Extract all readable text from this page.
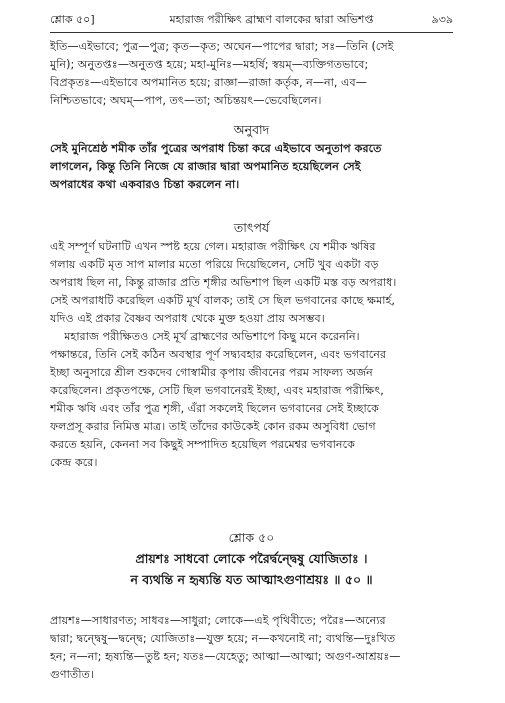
শ্লোক ৫০]	মহারাজ পরীক্ষিৎ ব্রাহ্মণ বালকের দ্বারা অভিশপ্ত	৯৩৯
ইতি—এইভাবে; পুত্র—পুত্র; কৃত—কৃত; অঘেন—পাপের দ্বারা; সঃ—তিনি (সেই
মুনি); অনুতপ্তঃ—অনুতপ্ত হয়ে; মহা-মুনিঃ—মহর্ষি; স্বয়ম্—ব্যক্তিগতভাবে;
বিপ্রকৃতঃ—এইভাবে অপমানিত হয়ে; রাজ্ঞা—রাজা কর্তৃক, ন—না, এব—
নিশ্চিতভাবে; অঘম্—পাপ, তৎ—তা; অচিন্তয়ৎ—ভেবেছিলেন।
অনুবাদ
সেই মুনিশ্রেষ্ঠ শমীক তাঁর পুত্রের অপরাধ চিন্তা করে এইভাবে অনুতাপ করতে
লাগলেন, কিন্তু তিনি নিজে যে রাজার দ্বারা অপমানিত হয়েছিলেন সেই
অপরাধের কথা একবারও চিন্তা করলেন না।
তাৎপর্য
এই সম্পূর্ণ ঘটনাটি এখন স্পষ্ট হয়ে গেল। মহারাজ পরীক্ষিৎ যে শমীক ঋষির
গলায় একটি মৃত সাপ মালার মতো পরিয়ে দিয়েছিলেন, সেটি খুব একটা বড়
অপরাধ ছিল না, কিন্তু রাজার প্রতি শৃঙ্গীর অভিশাপ ছিল একটি মস্ত বড় অপরাধ।
সেই অপরাধটি করেছিল একটি মূর্খ বালক; তাই সে ছিল ভগবানের কাছে ক্ষমার্হ,
যদিও এই প্রকার বৈষ্ণব অপরাধ থেকে মুক্ত হওয়া প্রায় অসম্ভব।
মহারাজ পরীক্ষিতও সেই মূর্খ ব্রাহ্মণের অভিশাপে কিছু মনে করেননি।
পক্ষান্তরে, তিনি সেই কঠিন অবস্থার পূর্ণ সদ্ব্যবহার করেছিলেন, এবং ভগবানের
ইচ্ছা অনুসারে শ্রীল শুকদেব গোস্বামীর কৃপায় জীবনের পরম সাফল্য অর্জন
করেছিলেন। প্রকৃতপক্ষে, সেটি ছিল ভগবানেরই ইচ্ছা, এবং মহারাজ পরীক্ষিৎ,
শমীক ঋষি এবং তাঁর পুত্র শৃঙ্গী, এঁরা সকলেই ছিলেন ভগবানের সেই ইচ্ছাকে
ফলপ্রসূ করার নিমিত্ত মাত্র। তাই তাঁদের কাউকেই কোন রকম অসুবিধা ভোগ
করতে হয়নি, কেননা সব কিছুই সম্পাদিত হয়েছিল পরমেশ্বর ভগবানকে
কেন্দ্র করে।
শ্লোক ৫০
প্রায়শঃ সাধবো লোকে পরৈর্দ্বন্দ্বেষু যোজিতাঃ ।
ন ব্যথন্তি ন হৃষ্যন্তি যত আত্মাঽগুণাশ্রয়ঃ ॥ ৫০ ॥
প্রায়শঃ—সাধারণত; সাধবঃ—সাধুরা; লোকে—এই পৃথিবীতে; পরৈঃ—অন্যের
দ্বারা; দ্বন্দ্বেষু—দ্বন্দ্বে; যোজিতাঃ—যুক্ত হয়ে; ন—কখনোই না; ব্যথন্তি—দুঃখিত
হন; ন—না; হৃষ্যন্তি—তুষ্ট হন; যতঃ—যেহেতু; আত্মা—আত্মা; অগুণ-আশ্রয়ঃ—
গুণাতীত।
